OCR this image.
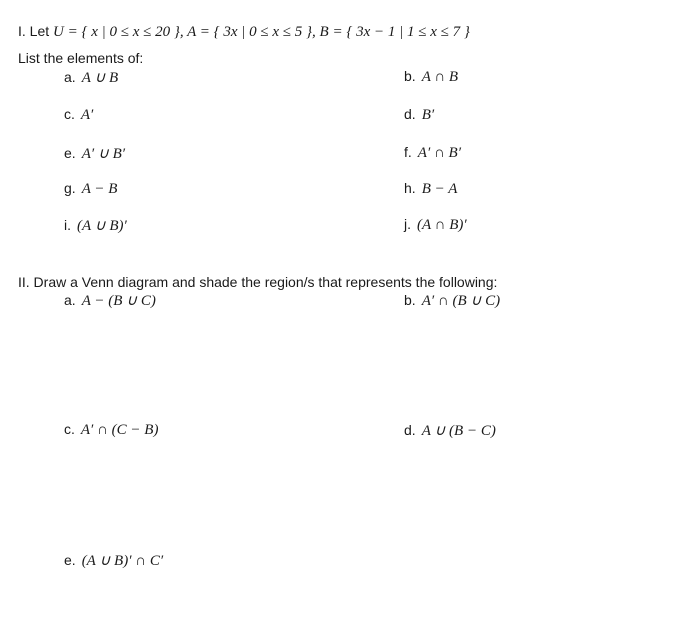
I. Let U = { x | 0 ≤ x ≤ 20 }, A = { 3x | 0 ≤ x ≤ 5 }, B = { 3x − 1 | 1 ≤ x ≤ 7 }
List the elements of:
a. A ∪ B	b. A ∩ B
c. A′	d. B′
e. A′ ∪ B′	f. A′ ∩ B′
g. A − B	h. B − A
i. (A ∪ B)′	j. (A ∩ B)′
II. Draw a Venn diagram and shade the region/s that represents the following:
a. A − (B ∪ C)	b. A′ ∩ (B ∪ C)
c. A′ ∩ (C − B)	d. A ∪ (B − C)
e. (A ∪ B)′ ∩ C′
